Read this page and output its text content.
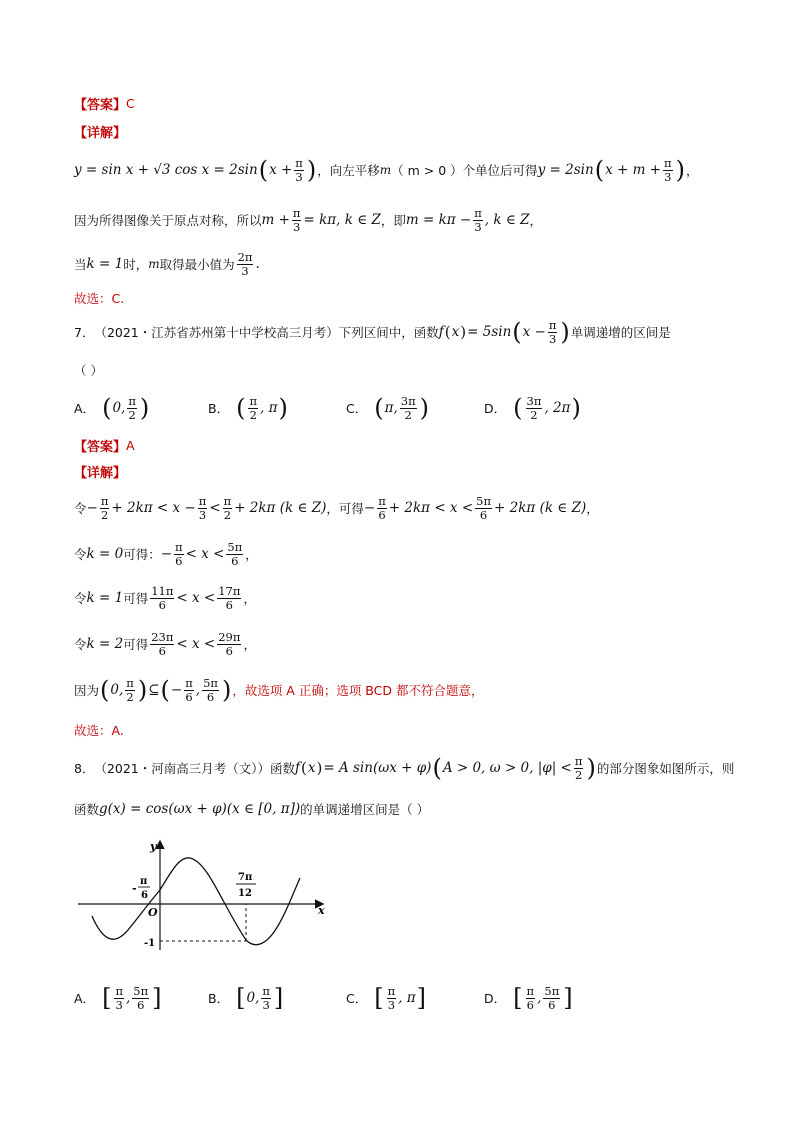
【答案】 C
【详解】
y = sin x + √3 cos x = 2sin ( $x + \frac{\pi}{3}$ ) ，向左平移 m （ m > 0 ） 个单位后可得 y = 2sin ( $x + m + \frac{\pi}{3}$ ) ，
因为所得图像关于原点对称，所以 $m + \frac{\pi}{3} = k\pi$, k ∈ Z ，即 $m = k\pi - \frac{\pi}{3}$ , k ∈ Z ，
当 k = 1 时， m 取得最小值为 $\frac{2\pi}{3}$ .
故选：C.
7． （2021・江苏省苏州第十中学校高三月考）下列区间中，函数 f ( x ) = 5sin ( $x - \frac{\pi}{3}$ ) 单调递增的区间是
（ ）
A． ( 0, $\frac{\pi}{2}$ )	B． ( $\frac{\pi}{2}$ , π )	C． ( π, $\frac{3\pi}{2}$ )	D． ( $\frac{3\pi}{2}$ , 2π )
【答案】 A
【详解】
令 − $\frac{\pi}{2} + 2k\pi < x - \frac{\pi}{3} < \frac{\pi}{2} + 2k\pi$ (k ∈ Z) ，可得 − $\frac{\pi}{6} + 2k\pi < x < \frac{5\pi}{6} + 2k\pi$ (k ∈ Z) ，
令 k = 0 可得： − $\frac{\pi}{6} < x < \frac{5\pi}{6}$ ，
令 k = 1 可得 $\frac{11\pi}{6} < x < \frac{17\pi}{6}$ ，
令 k = 2 可得 $\frac{23\pi}{6} < x < \frac{29\pi}{6}$ ，
因为 ( 0, $\frac{\pi}{2}$ ) ⊆ ( − $\frac{\pi}{6}$ , $\frac{5\pi}{6}$ ) ，故选项 A 正确；选项 BCD 都不符合题意，
故选：A.
8． （2021・河南高三月考（文））函数 f ( x ) = A sin(ωx + φ) ( A > 0, ω > 0, $|\varphi| < \frac{\pi}{2}$ ) 的部分图象如图所示，则
函数 g(x) = cos(ωx + φ)(x ∈ [0, π]) 的单调递增区间是（ ）
y
x
O
-
π
6
7π
12
-1
A． [ $\frac{\pi}{3}$ , $\frac{5\pi}{6}$ ]	B． [ 0, $\frac{\pi}{3}$ ]	C． [ $\frac{\pi}{3}$ , π ]	D． [ $\frac{\pi}{6}$ , $\frac{5\pi}{6}$ ]
